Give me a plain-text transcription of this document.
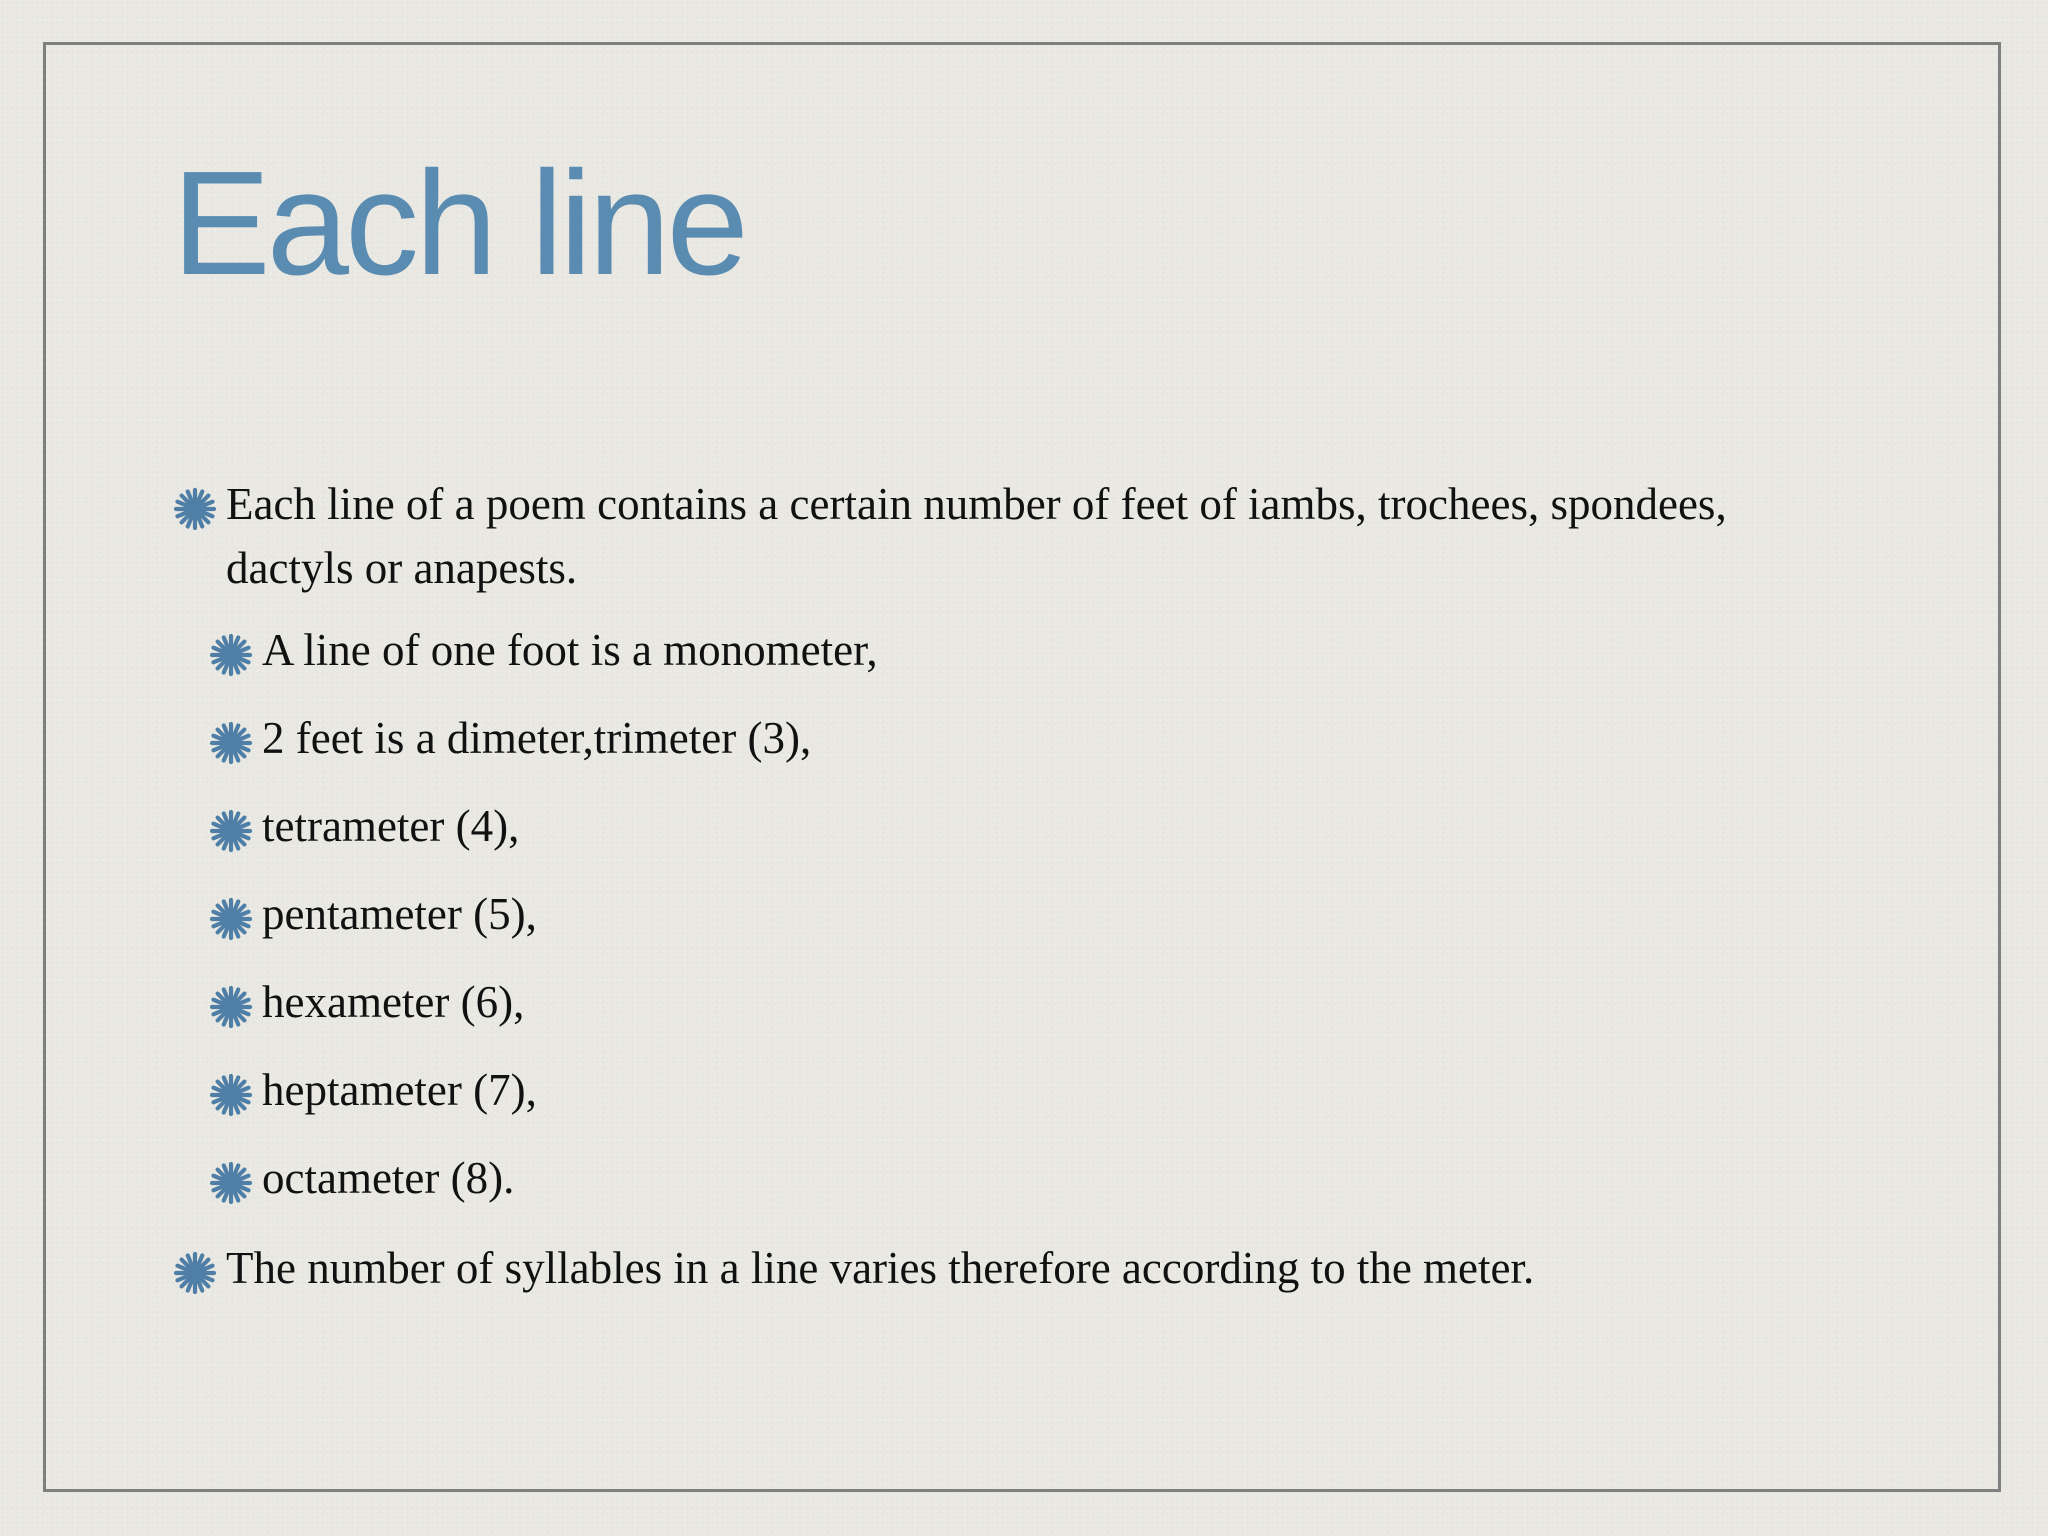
Each line
Each line of a poem contains a certain number of feet of iambs, trochees, spondees, dactyls or anapests.
A line of one foot is a monometer,
2 feet is a dimeter,trimeter (3),
tetrameter (4),
pentameter (5),
hexameter (6),
heptameter (7),
octameter (8).
The number of syllables in a line varies therefore according to the meter.
